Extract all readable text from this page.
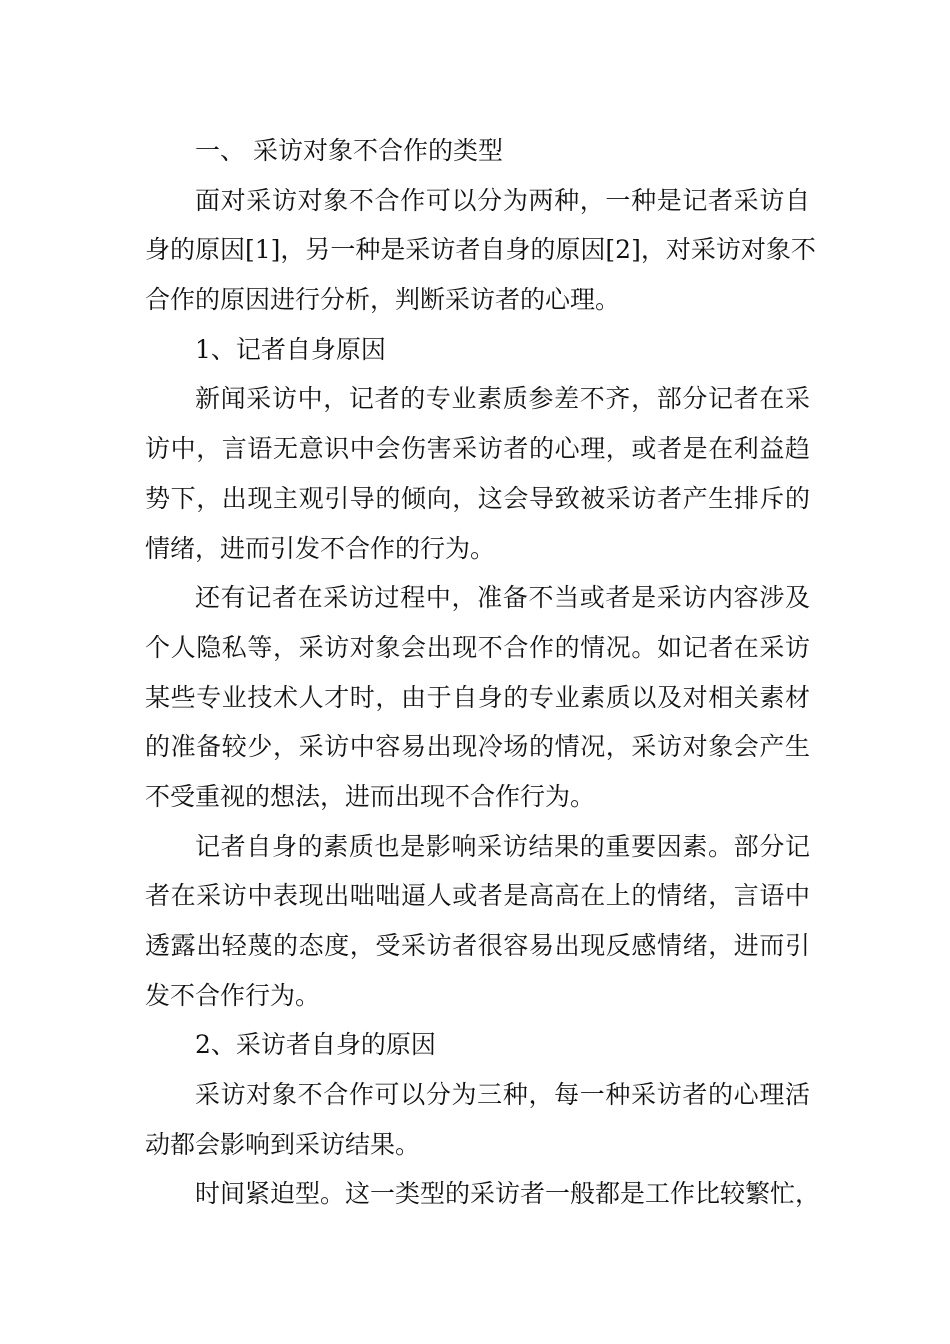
一、 采访对象不合作的类型
面对采访对象不合作可以分为两种，一种是记者采访自
身的原因[1]，另一种是采访者自身的原因[2]，对采访对象不
合作的原因进行分析，判断采访者的心理。
1、记者自身原因
新闻采访中，记者的专业素质参差不齐，部分记者在采
访中，言语无意识中会伤害采访者的心理，或者是在利益趋
势下，出现主观引导的倾向，这会导致被采访者产生排斥的
情绪，进而引发不合作的行为。
还有记者在采访过程中，准备不当或者是采访内容涉及
个人隐私等，采访对象会出现不合作的情况。如记者在采访
某些专业技术人才时，由于自身的专业素质以及对相关素材
的准备较少，采访中容易出现冷场的情况，采访对象会产生
不受重视的想法，进而出现不合作行为。
记者自身的素质也是影响采访结果的重要因素。部分记
者在采访中表现出咄咄逼人或者是高高在上的情绪，言语中
透露出轻蔑的态度，受采访者很容易出现反感情绪，进而引
发不合作行为。
2、采访者自身的原因
采访对象不合作可以分为三种，每一种采访者的心理活
动都会影响到采访结果。
时间紧迫型。这一类型的采访者一般都是工作比较繁忙，
